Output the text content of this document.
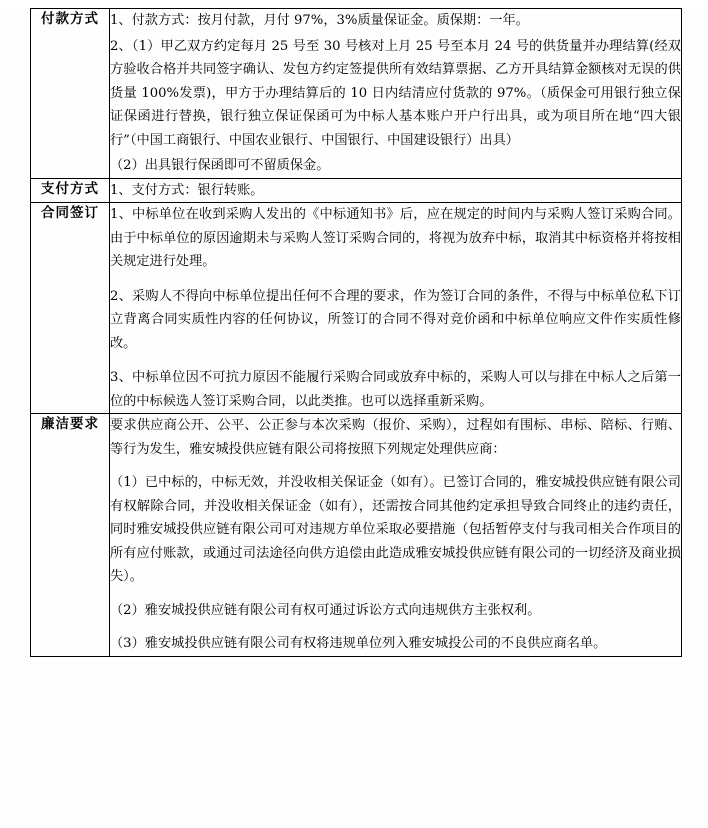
付款方式	1、付款方式：按月付款，月付 97%，3%质量保证金。质保期：一年。

2、（1）甲乙双方约定每月 25 号至 30 号核对上月 25 号至本月 24 号的供货量并办理结算(经双方验收合格并共同签字确认、发包方约定签提供所有效结算票据、乙方开具结算金额核对无误的供货量 100%发票)，甲方于办理结算后的 10 日内结清应付货款的 97%。（质保金可用银行独立保证保函进行替换，银行独立保证保函可为中标人基本账户开户行出具，或为项目所在地“四大银行”（中国工商银行、中国农业银行、中国银行、中国建设银行）出具）

（2）出具银行保函即可不留质保金。

支付方式	1、支付方式：银行转账。

合同签订	1、中标单位在收到采购人发出的《中标通知书》后，应在规定的时间内与采购人签订采购合同。由于中标单位的原因逾期未与采购人签订采购合同的，将视为放弃中标，取消其中标资格并将按相关规定进行处理。

2、采购人不得向中标单位提出任何不合理的要求，作为签订合同的条件，不得与中标单位私下订立背离合同实质性内容的任何协议，所签订的合同不得对竞价函和中标单位响应文件作实质性修改。

3、中标单位因不可抗力原因不能履行采购合同或放弃中标的，采购人可以与排在中标人之后第一位的中标候选人签订采购合同，以此类推。也可以选择重新采购。

廉洁要求	要求供应商公开、公平、公正参与本次采购（报价、采购），过程如有围标、串标、陪标、行贿、等行为发生，雅安城投供应链有限公司将按照下列规定处理供应商：

（1）已中标的，中标无效，并没收相关保证金（如有）。已签订合同的，雅安城投供应链有限公司有权解除合同，并没收相关保证金（如有），还需按合同其他约定承担导致合同终止的违约责任，同时雅安城投供应链有限公司可对违规方单位采取必要措施（包括暂停支付与我司相关合作项目的所有应付账款，或通过司法途径向供方追偿由此造成雅安城投供应链有限公司的一切经济及商业损失）。

（2）雅安城投供应链有限公司有权可通过诉讼方式向违规供方主张权利。

（3）雅安城投供应链有限公司有权将违规单位列入雅安城投公司的不良供应商名单。
